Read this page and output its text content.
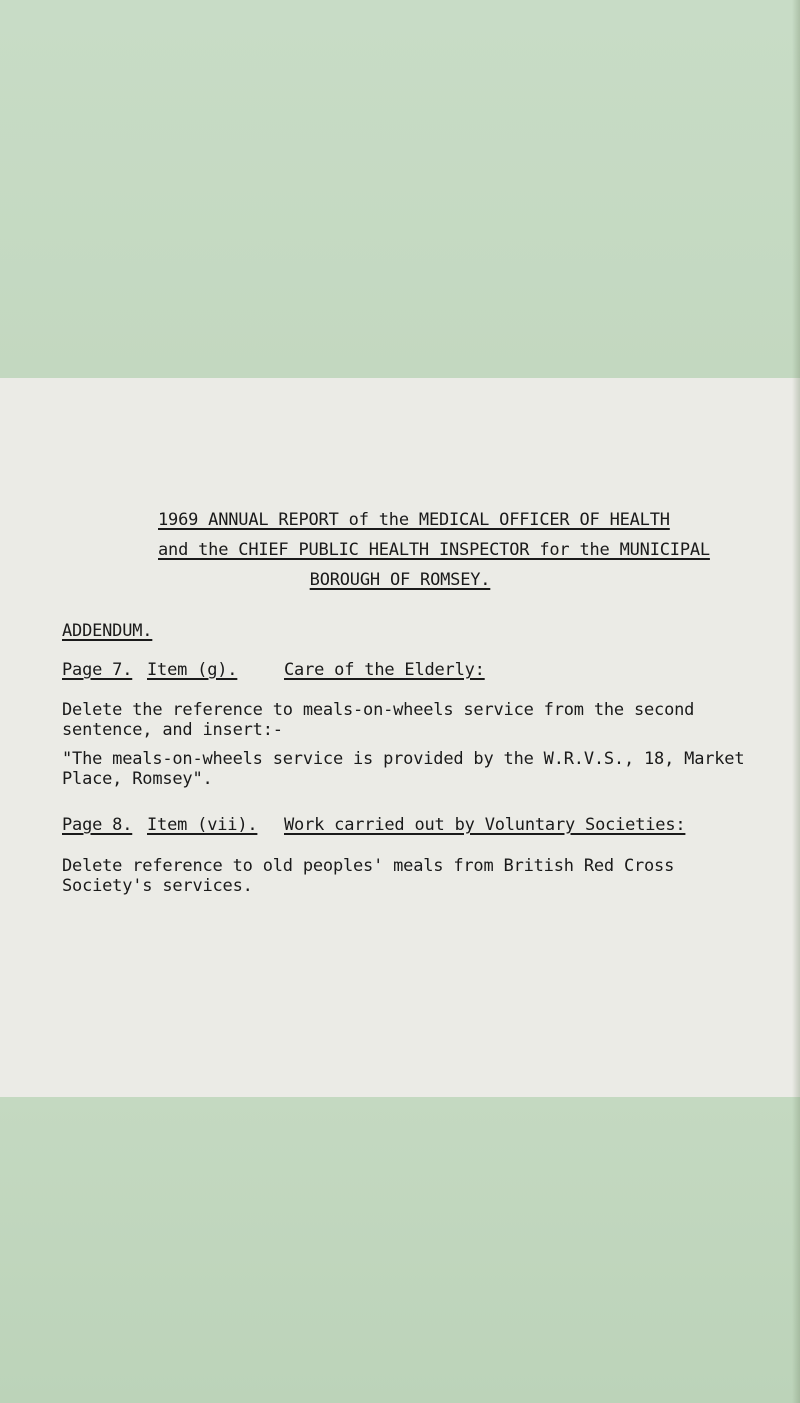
1969 ANNUAL REPORT of the MEDICAL OFFICER OF HEALTH
and the CHIEF PUBLIC HEALTH INSPECTOR for the MUNICIPAL
BOROUGH OF ROMSEY.
ADDENDUM.
Page 7. Item (g).	Care of the Elderly:
Delete the reference to meals-on-wheels service from the second
sentence, and insert:-
"The meals-on-wheels service is provided by the W.R.V.S., 18, Market
Place, Romsey".
Page 8. Item (vii). Work carried out by Voluntary Societies:
Delete reference to old peoples' meals from British Red Cross
Society's services.
